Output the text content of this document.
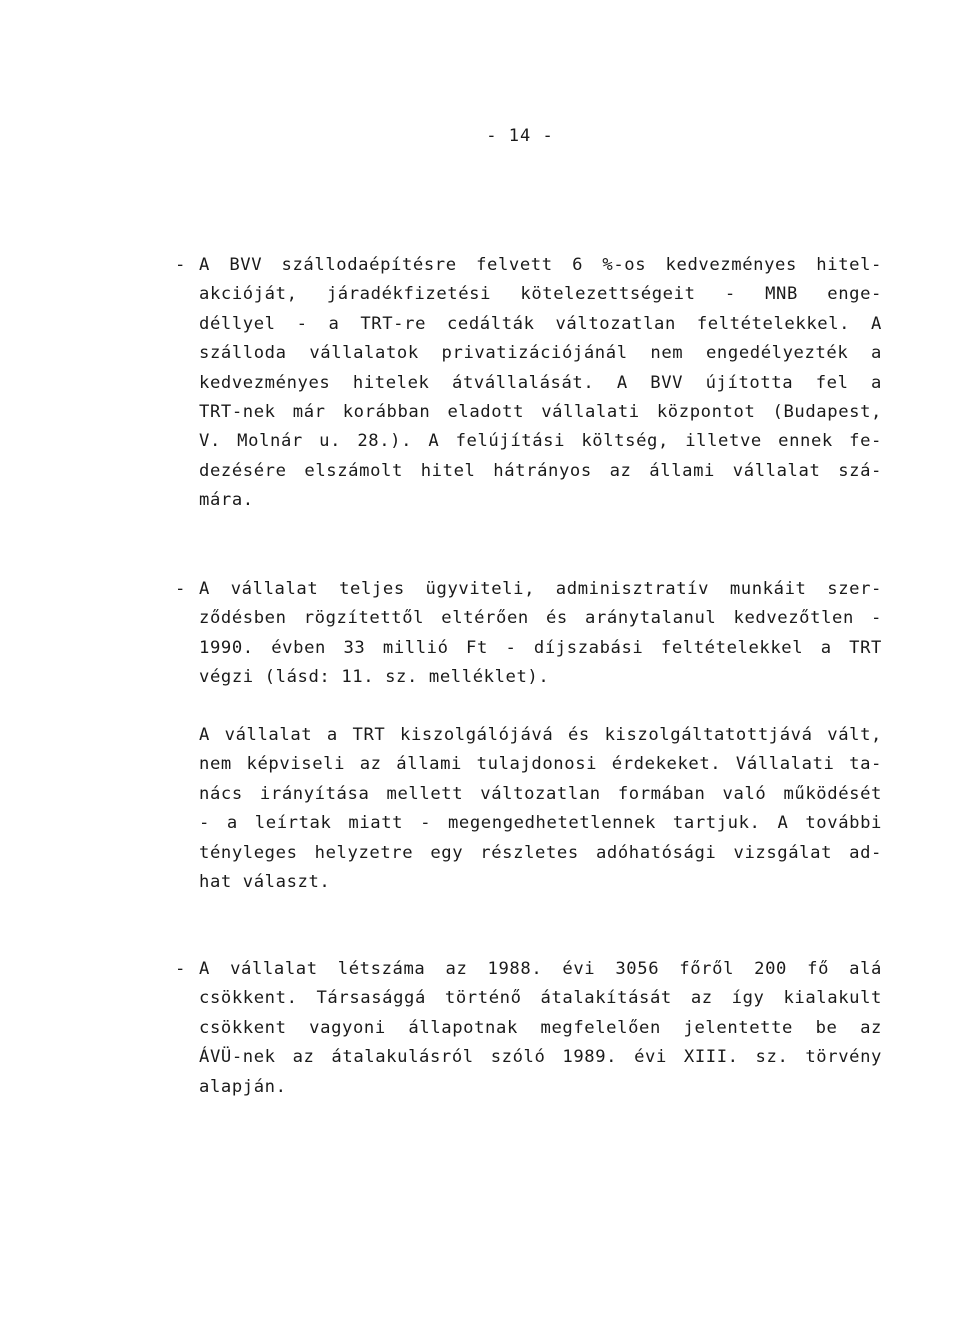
- 14 -
- A BVV szállodaépítésre felvett 6 %-os kedvezményes hitel-
akcióját, járadékfizetési kötelezettségeit - MNB enge-
déllyel - a TRT-re cedálták változatlan feltételekkel. A
szálloda vállalatok privatizációjánál nem engedélyezték a
kedvezményes hitelek átvállalását. A BVV újította fel a
TRT-nek már korábban eladott vállalati központot (Budapest,
V. Molnár u. 28.). A felújítási költség, illetve ennek fe-
dezésére elszámolt hitel hátrányos az állami vállalat szá-
mára.

- A vállalat teljes ügyviteli, adminisztratív munkáit szer-
ződésben rögzítettől eltérően és aránytalanul kedvezőtlen -
1990. évben 33 millió Ft - díjszabási feltételekkel a TRT
végzi (lásd: 11. sz. melléklet).

A vállalat a TRT kiszolgálójává és kiszolgáltatottjává vált,
nem képviseli az állami tulajdonosi érdekeket. Vállalati ta-
nács irányítása mellett változatlan formában való működését
- a leírtak miatt - megengedhetetlennek tartjuk. A további
tényleges helyzetre egy részletes adóhatósági vizsgálat ad-
hat választ.

- A vállalat létszáma az 1988. évi 3056 főről 200 fő alá
csökkent. Társasággá történő átalakítását az így kialakult
csökkent vagyoni állapotnak megfelelően jelentette be az
ÁVÜ-nek az átalakulásról szóló 1989. évi XIII. sz. törvény
alapján.
